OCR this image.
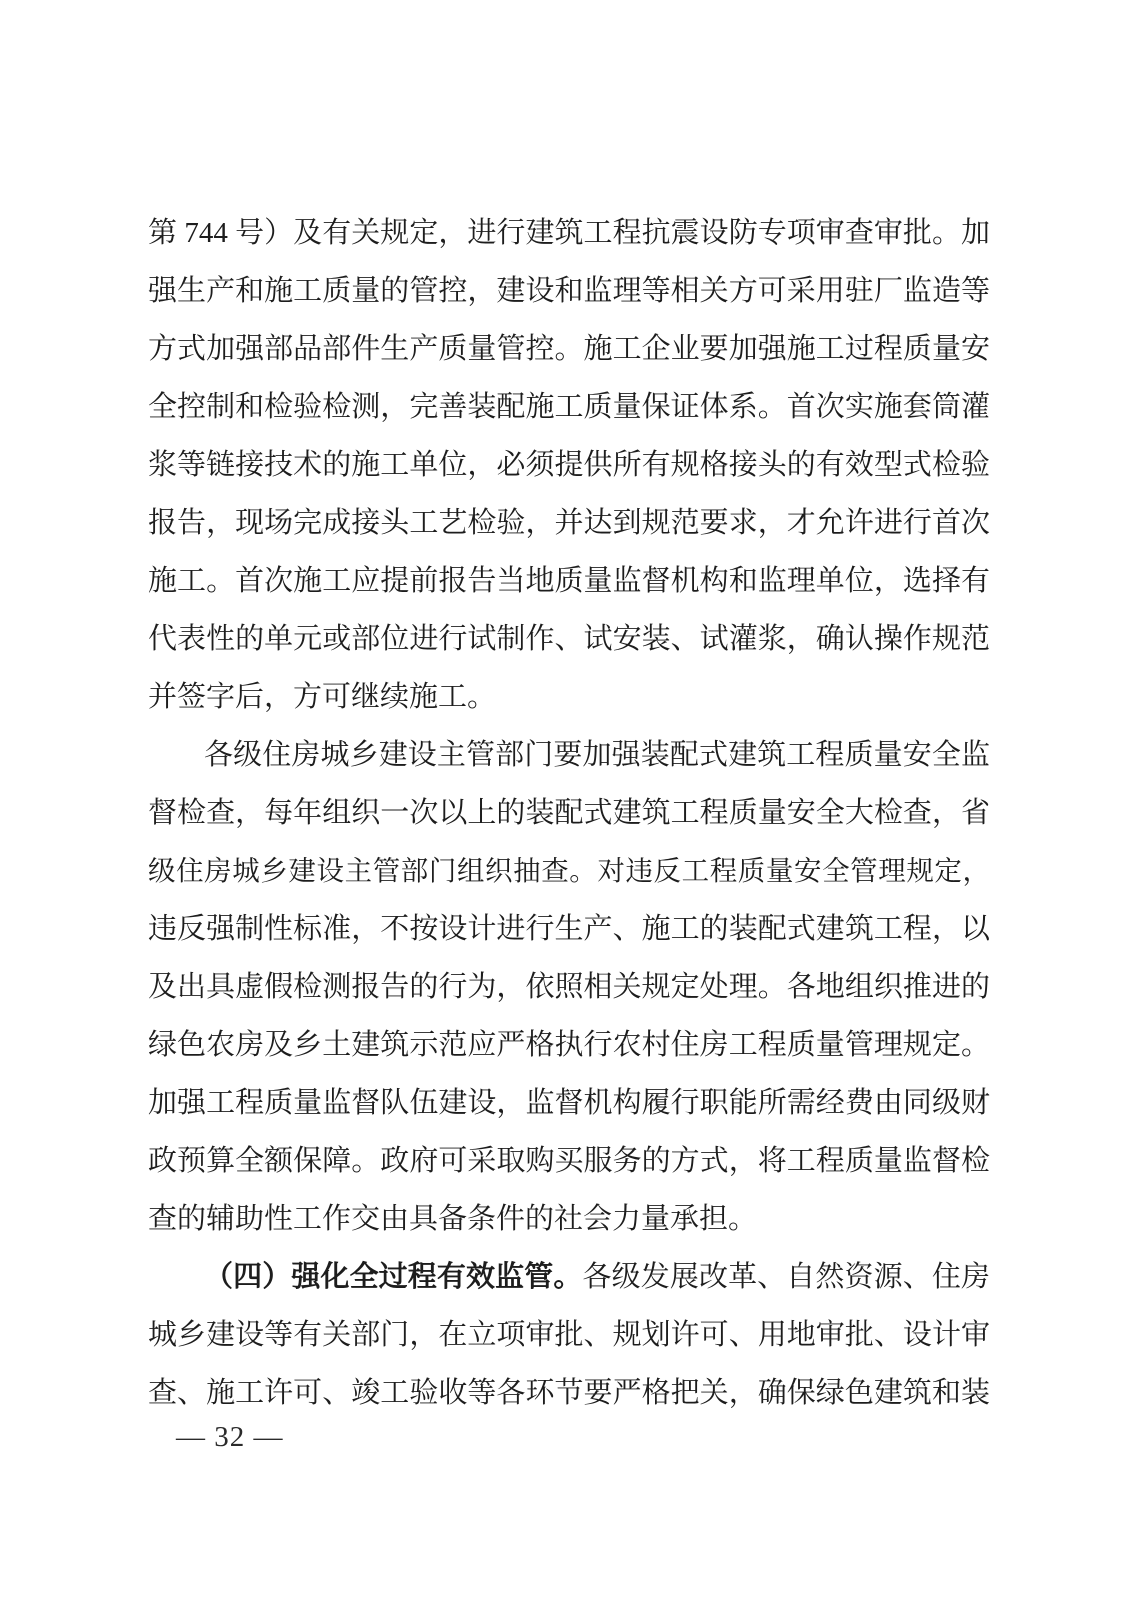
第 744 号）及有关规定，进行建筑工程抗震设防专项审查审批。加
强生产和施工质量的管控，建设和监理等相关方可采用驻厂监造等
方式加强部品部件生产质量管控。施工企业要加强施工过程质量安
全控制和检验检测，完善装配施工质量保证体系。首次实施套筒灌
浆等链接技术的施工单位，必须提供所有规格接头的有效型式检验
报告，现场完成接头工艺检验，并达到规范要求，才允许进行首次
施工。首次施工应提前报告当地质量监督机构和监理单位，选择有
代表性的单元或部位进行试制作、试安装、试灌浆，确认操作规范
并签字后，方可继续施工。
各级住房城乡建设主管部门要加强装配式建筑工程质量安全监
督检查，每年组织一次以上的装配式建筑工程质量安全大检查，省
级住房城乡建设主管部门组织抽查。对违反工程质量安全管理规定，
违反强制性标准，不按设计进行生产、施工的装配式建筑工程，以
及出具虚假检测报告的行为，依照相关规定处理。各地组织推进的
绿色农房及乡土建筑示范应严格执行农村住房工程质量管理规定。
加强工程质量监督队伍建设，监督机构履行职能所需经费由同级财
政预算全额保障。政府可采取购买服务的方式，将工程质量监督检
查的辅助性工作交由具备条件的社会力量承担。
（四）强化全过程有效监管。各级发展改革、自然资源、住房
城乡建设等有关部门，在立项审批、规划许可、用地审批、设计审
查、施工许可、竣工验收等各环节要严格把关，确保绿色建筑和装
— 32 —
